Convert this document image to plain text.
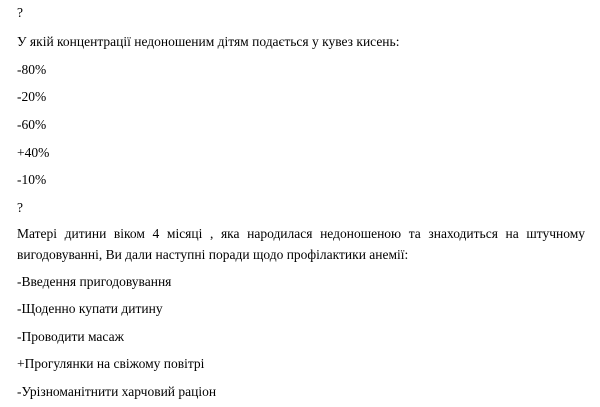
?
У якій концентрації недоношеним дітям подається у кувез кисень:
-80%
-20%
-60%
+40%
-10%
?
Матері дитини віком 4 місяці , яка народилася недоношеною та знаходиться на штучному вигодовуванні, Ви дали наступні поради щодо профілактики анемії:
-Введення пригодовування
-Щоденно купати дитину
-Проводити масаж
+Прогулянки на свіжому повітрі
-Урізноманітнити харчовий раціон
